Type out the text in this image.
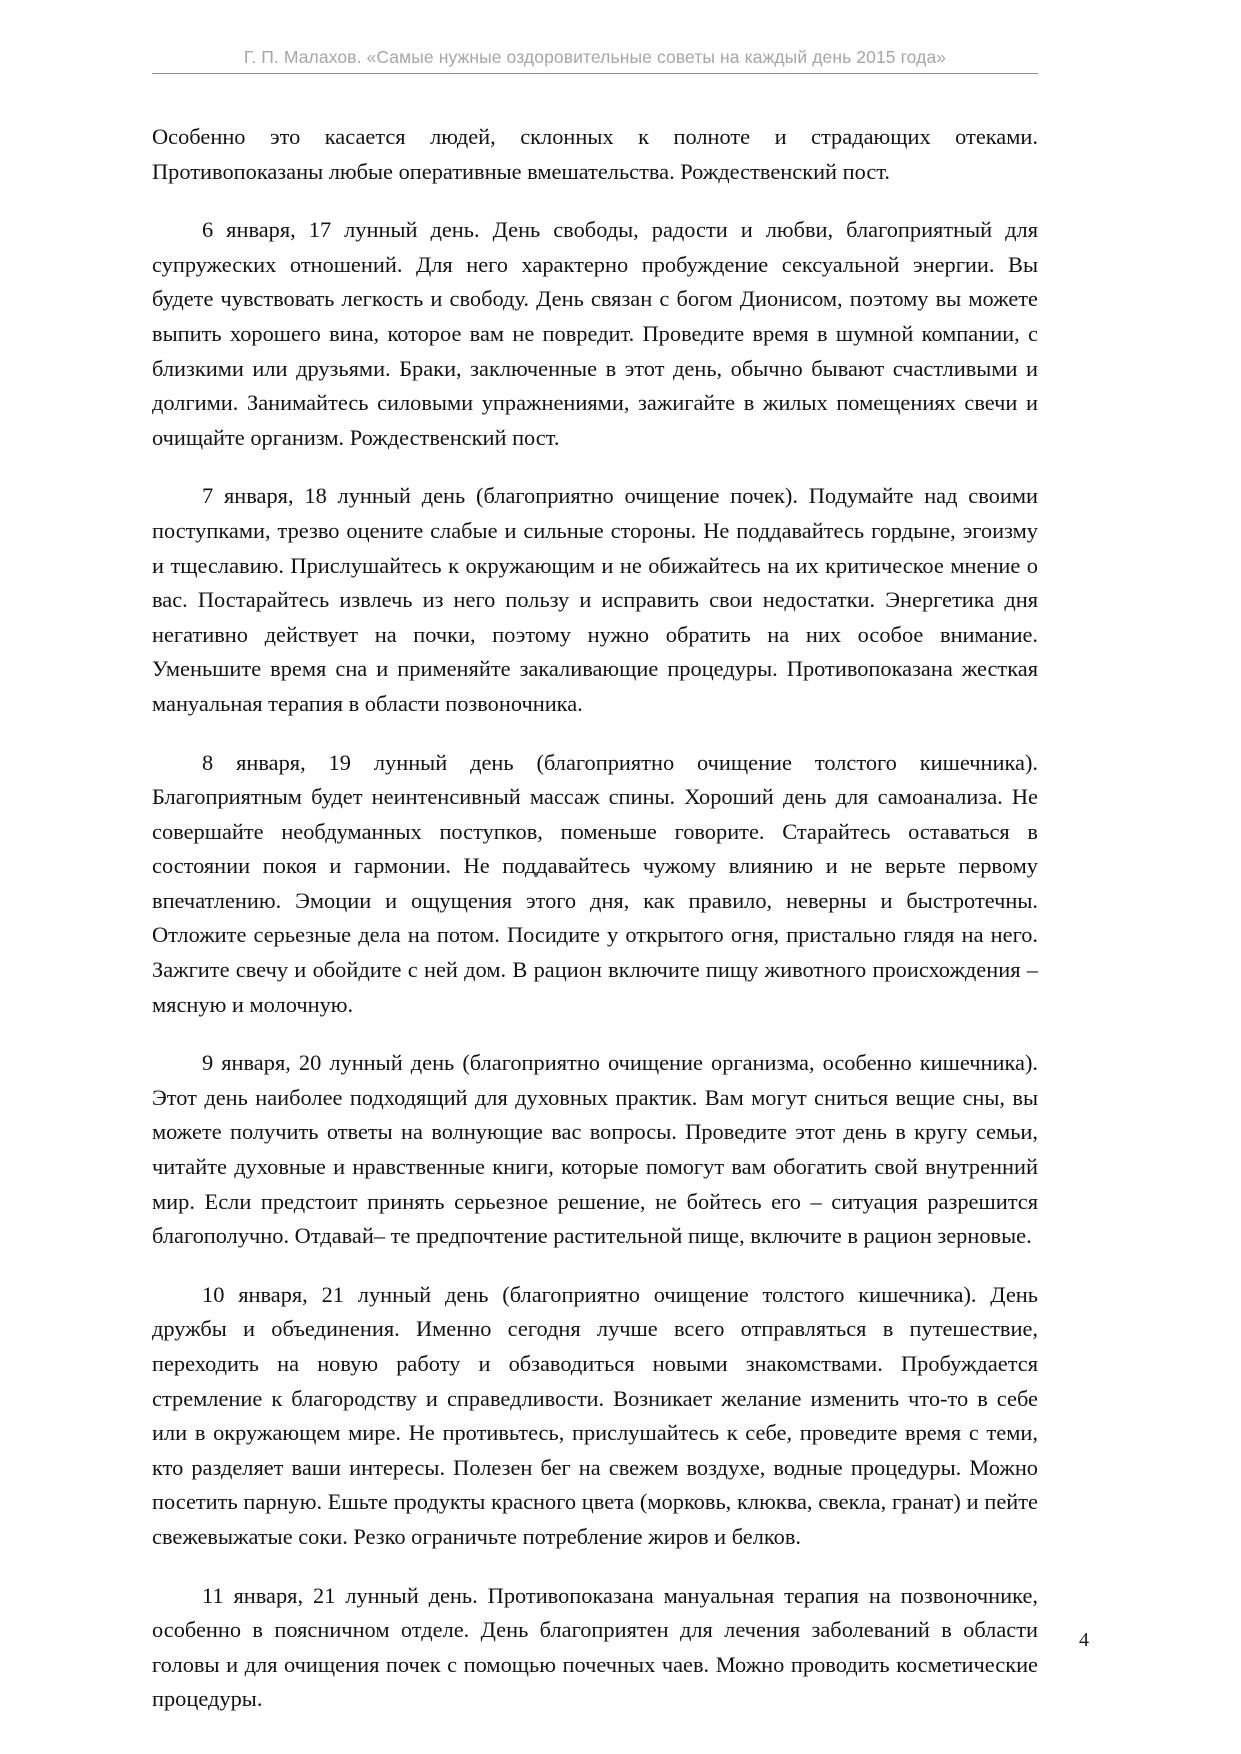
Г. П. Малахов. «Самые нужные оздоровительные советы на каждый день 2015 года»

Особенно это касается людей, склонных к полноте и страдающих отеками. Противопоказаны любые оперативные вмешательства. Рождественский пост.

6 января, 17 лунный день. День свободы, радости и любви, благоприятный для супружеских отношений. Для него характерно пробуждение сексуальной энергии. Вы будете чувствовать легкость и свободу. День связан с богом Дионисом, поэтому вы можете выпить хорошего вина, которое вам не повредит. Проведите время в шумной компании, с близкими или друзьями. Браки, заключенные в этот день, обычно бывают счастливыми и долгими. Занимайтесь силовыми упражнениями, зажигайте в жилых помещениях свечи и очищайте организм. Рождественский пост.

7 января, 18 лунный день (благоприятно очищение почек). Подумайте над своими поступками, трезво оцените слабые и сильные стороны. Не поддавайтесь гордыне, эгоизму и тщеславию. Прислушайтесь к окружающим и не обижайтесь на их критическое мнение о вас. Постарайтесь извлечь из него пользу и исправить свои недостатки. Энергетика дня негативно действует на почки, поэтому нужно обратить на них особое внимание. Уменьшите время сна и применяйте закаливающие процедуры. Противопоказана жесткая мануальная терапия в области позвоночника.

8 января, 19 лунный день (благоприятно очищение толстого кишечника). Благоприятным будет неинтенсивный массаж спины. Хороший день для самоанализа. Не совершайте необдуманных поступков, поменьше говорите. Старайтесь оставаться в состоянии покоя и гармонии. Не поддавайтесь чужому влиянию и не верьте первому впечатлению. Эмоции и ощущения этого дня, как правило, неверны и быстротечны. Отложите серьезные дела на потом. Посидите у открытого огня, пристально глядя на него. Зажгите свечу и обойдите с ней дом. В рацион включите пищу животного происхождения – мясную и молочную.

9 января, 20 лунный день (благоприятно очищение организма, особенно кишечника). Этот день наиболее подходящий для духовных практик. Вам могут сниться вещие сны, вы можете получить ответы на волнующие вас вопросы. Проведите этот день в кругу семьи, читайте духовные и нравственные книги, которые помогут вам обогатить свой внутренний мир. Если предстоит принять серьезное решение, не бойтесь его – ситуация разрешится благополучно. Отдавай– те предпочтение растительной пище, включите в рацион зерновые.

10 января, 21 лунный день (благоприятно очищение толстого кишечника). День дружбы и объединения. Именно сегодня лучше всего отправляться в путешествие, переходить на новую работу и обзаводиться новыми знакомствами. Пробуждается стремление к благородству и справедливости. Возникает желание изменить что-то в себе или в окружающем мире. Не противьтесь, прислушайтесь к себе, проведите время с теми, кто разделяет ваши интересы. Полезен бег на свежем воздухе, водные процедуры. Можно посетить парную. Ешьте продукты красного цвета (морковь, клюква, свекла, гранат) и пейте свежевыжатые соки. Резко ограничьте потребление жиров и белков.

11 января, 21 лунный день. Противопоказана мануальная терапия на позвоночнике, особенно в поясничном отделе. День благоприятен для лечения заболеваний в области головы и для очищения почек с помощью почечных чаев. Можно проводить косметические процедуры.

4
